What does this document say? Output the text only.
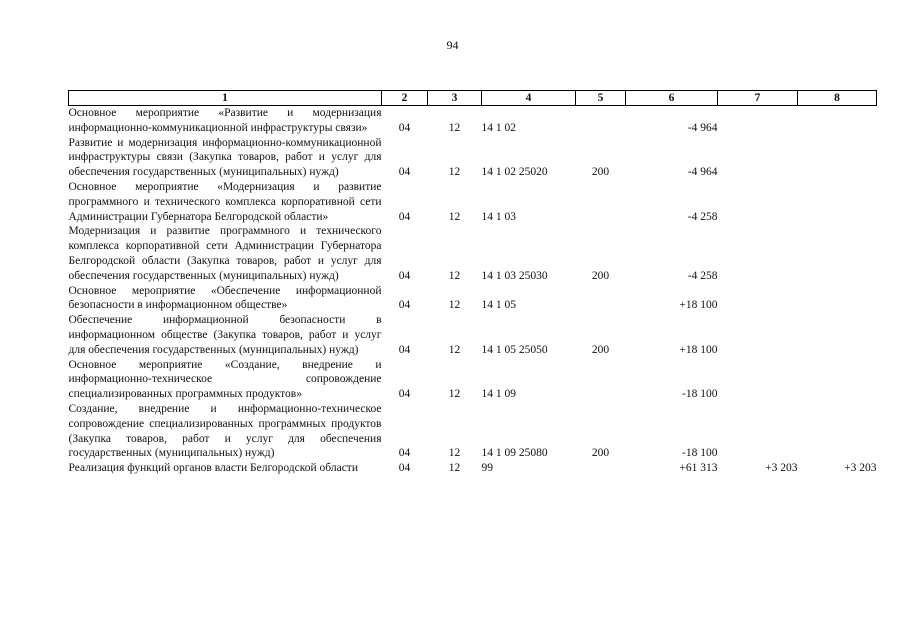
94
1	2	3	4	5	6	7	8
Основное мероприятие «Развитие и модернизация информационно-коммуникационной инфраструктуры связи»	04	12	14 1 02		-4 964		
Развитие и модернизация информационно-коммуникационной инфраструктуры связи (Закупка товаров, работ и услуг для обеспечения государственных (муниципальных) нужд)	04	12	14 1 02 25020	200	-4 964		
Основное мероприятие «Модернизация и развитие программного и технического комплекса корпоративной сети Администрации Губернатора Белгородской области»	04	12	14 1 03		-4 258		
Модернизация и развитие программного и технического комплекса корпоративной сети Администрации Губернатора Белгородской области (Закупка товаров, работ и услуг для обеспечения государственных (муниципальных) нужд)	04	12	14 1 03 25030	200	-4 258		
Основное мероприятие «Обеспечение информационной безопасности в информационном обществе»	04	12	14 1 05		+18 100		
Обеспечение информационной безопасности в информационном обществе (Закупка товаров, работ и услуг для обеспечения государственных (муниципальных) нужд)	04	12	14 1 05 25050	200	+18 100		
Основное мероприятие «Создание, внедрение и информационно-техническое сопровождение специализированных программных продуктов»	04	12	14 1 09		-18 100		
Создание, внедрение и информационно-техническое сопровождение специализированных программных продуктов (Закупка товаров, работ и услуг для обеспечения государственных (муниципальных) нужд)	04	12	14 1 09 25080	200	-18 100		
Реализация функций органов власти Белгородской области	04	12	99		+61 313	+3 203	+3 203
